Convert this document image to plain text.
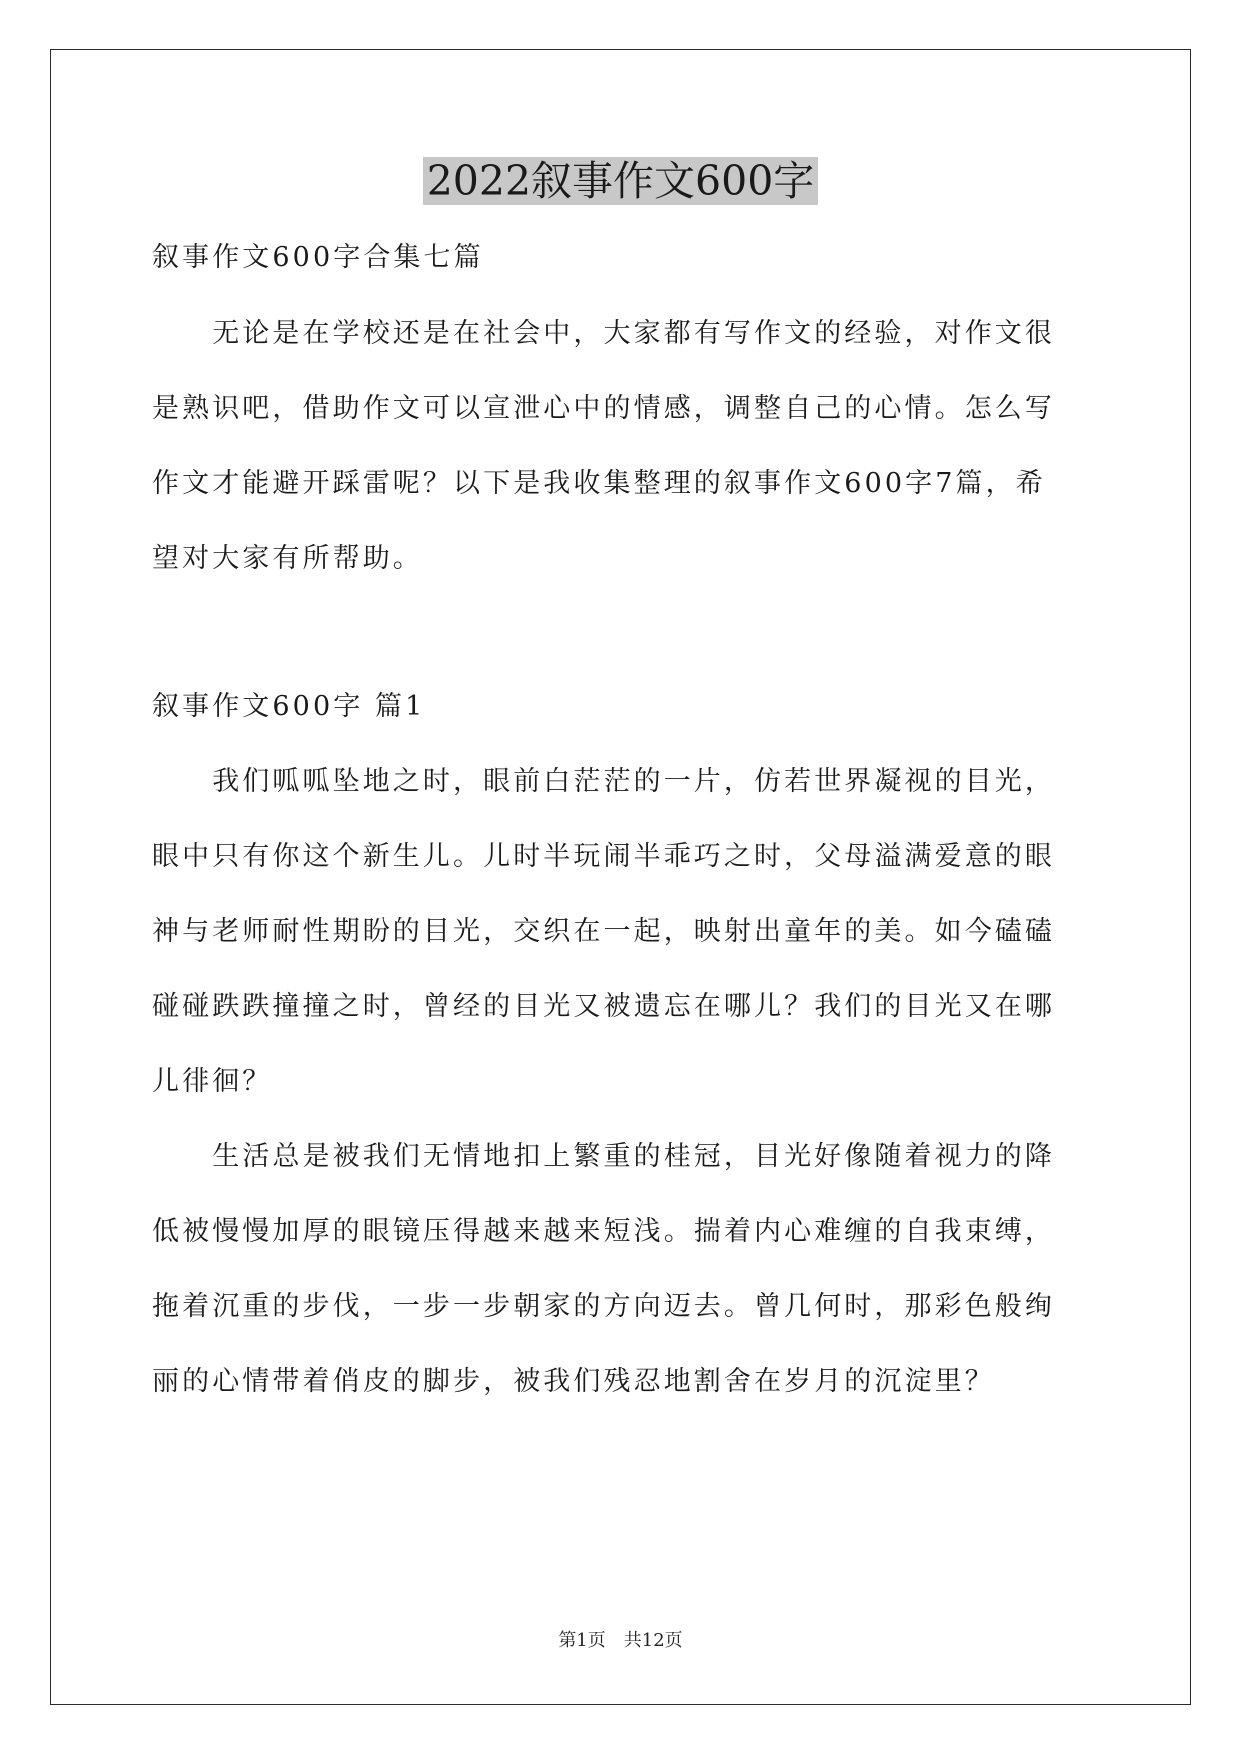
2022叙事作文600字
叙事作文600字合集七篇
　　无论是在学校还是在社会中，大家都有写作文的经验，对作文很
是熟识吧，借助作文可以宣泄心中的情感，调整自己的心情。怎么写
作文才能避开踩雷呢？以下是我收集整理的叙事作文600字7篇，希
望对大家有所帮助。
叙事作文600字 篇1
　　我们呱呱坠地之时，眼前白茫茫的一片，仿若世界凝视的目光，
眼中只有你这个新生儿。儿时半玩闹半乖巧之时，父母溢满爱意的眼
神与老师耐性期盼的目光，交织在一起，映射出童年的美。如今磕磕
碰碰跌跌撞撞之时，曾经的目光又被遗忘在哪儿？我们的目光又在哪
儿徘徊？
　　生活总是被我们无情地扣上繁重的桂冠，目光好像随着视力的降
低被慢慢加厚的眼镜压得越来越来短浅。揣着内心难缠的自我束缚，
拖着沉重的步伐，一步一步朝家的方向迈去。曾几何时，那彩色般绚
丽的心情带着俏皮的脚步，被我们残忍地割舍在岁月的沉淀里？
第1页　共12页
